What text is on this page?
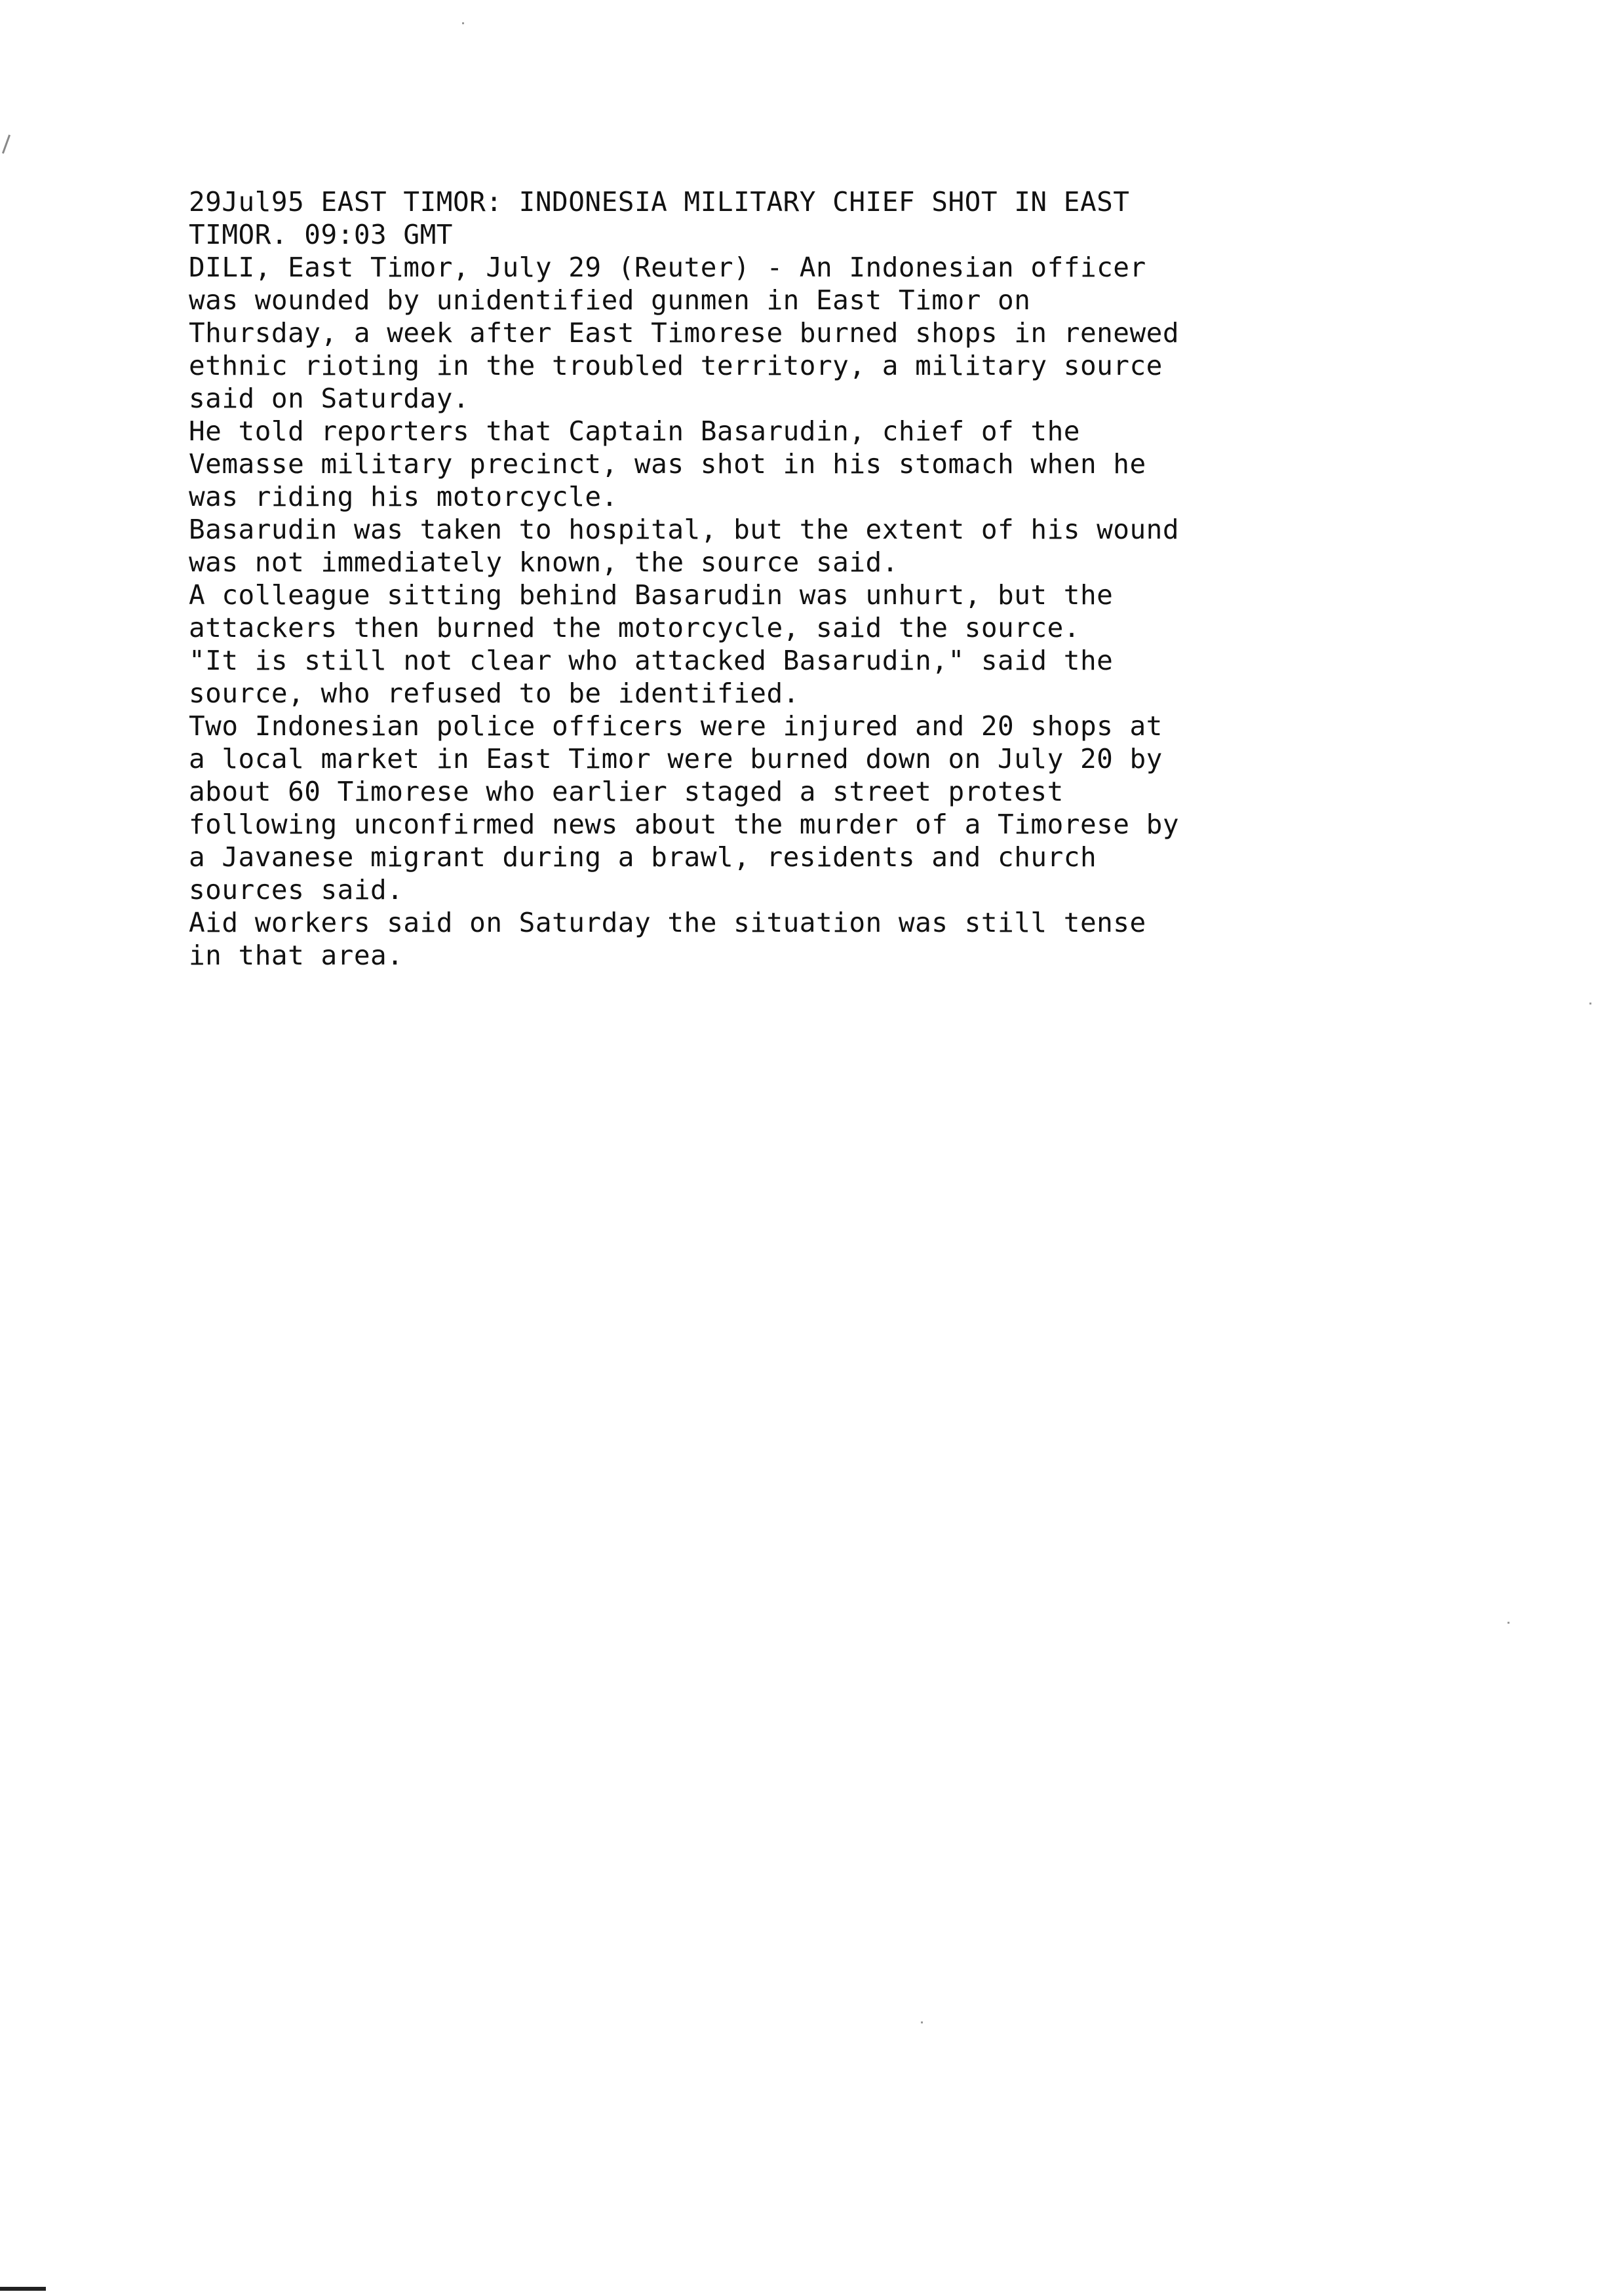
29Jul95 EAST TIMOR: INDONESIA MILITARY CHIEF SHOT IN EAST
TIMOR. 09:03 GMT
DILI, East Timor, July 29 (Reuter) - An Indonesian officer
was wounded by unidentified gunmen in East Timor on
Thursday, a week after East Timorese burned shops in renewed
ethnic rioting in the troubled territory, a military source
said on Saturday.
He told reporters that Captain Basarudin, chief of the
Vemasse military precinct, was shot in his stomach when he
was riding his motorcycle.
Basarudin was taken to hospital, but the extent of his wound
was not immediately known, the source said.
A colleague sitting behind Basarudin was unhurt, but the
attackers then burned the motorcycle, said the source.
"It is still not clear who attacked Basarudin," said the
source, who refused to be identified.
Two Indonesian police officers were injured and 20 shops at
a local market in East Timor were burned down on July 20 by
about 60 Timorese who earlier staged a street protest
following unconfirmed news about the murder of a Timorese by
a Javanese migrant during a brawl, residents and church
sources said.
Aid workers said on Saturday the situation was still tense
in that area.
